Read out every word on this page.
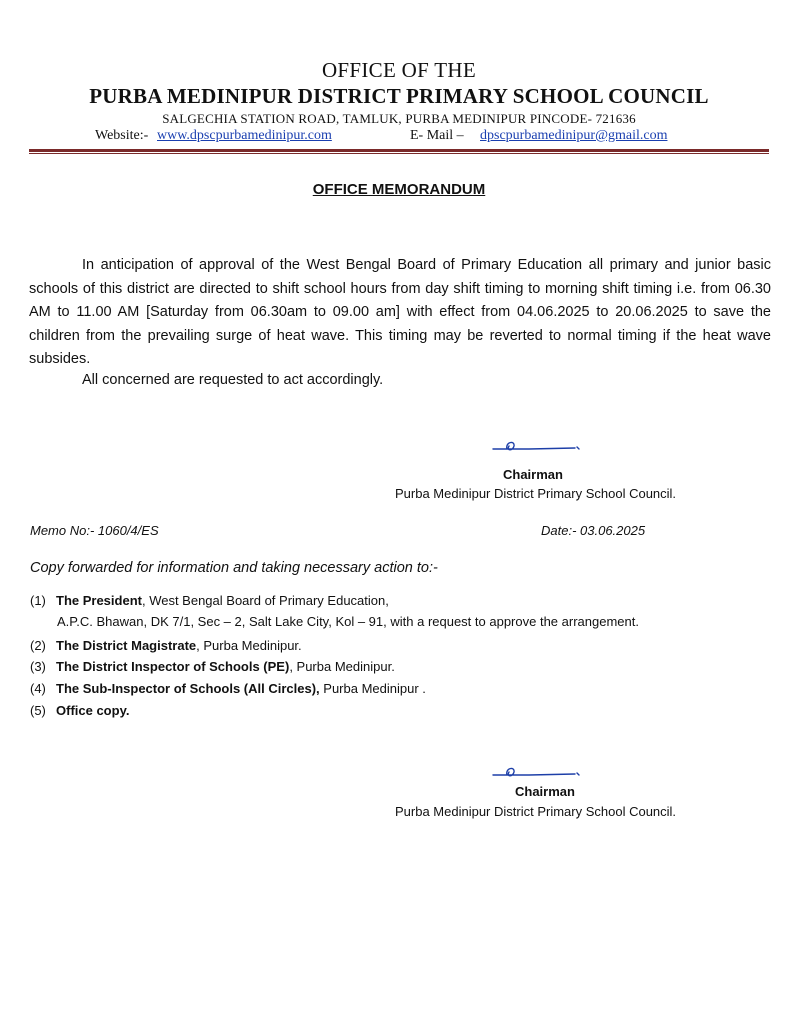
OFFICE OF THE
PURBA MEDINIPUR DISTRICT PRIMARY SCHOOL COUNCIL
SALGECHIA STATION ROAD, TAMLUK, PURBA MEDINIPUR PINCODE- 721636
Website:- www.dpscpurbamedinipur.com	E- Mail – dpscpurbamedinipur@gmail.com
OFFICE MEMORANDUM

In anticipation of approval of the West Bengal Board of Primary Education all primary and junior basic schools of this district are directed to shift school hours from day shift timing to morning shift timing i.e. from 06.30 AM to 11.00 AM [Saturday from 06.30am to 09.00 am] with effect from 04.06.2025 to 20.06.2025 to save the children from the prevailing surge of heat wave. This timing may be reverted to normal timing if the heat wave subsides.

All concerned are requested to act accordingly.
Chairman
Purba Medinipur District Primary School Council.
Memo No:- 1060/4/ES	Date:- 03.06.2025
Copy forwarded for information and taking necessary action to:-
(1) The President, West Bengal Board of Primary Education,
A.P.C. Bhawan, DK 7/1, Sec – 2, Salt Lake City, Kol – 91, with a request to approve the arrangement.
(2) The District Magistrate, Purba Medinipur.
(3) The District Inspector of Schools (PE), Purba Medinipur.
(4) The Sub-Inspector of Schools (All Circles), Purba Medinipur .
(5) Office copy.
Chairman
Purba Medinipur District Primary School Council.
